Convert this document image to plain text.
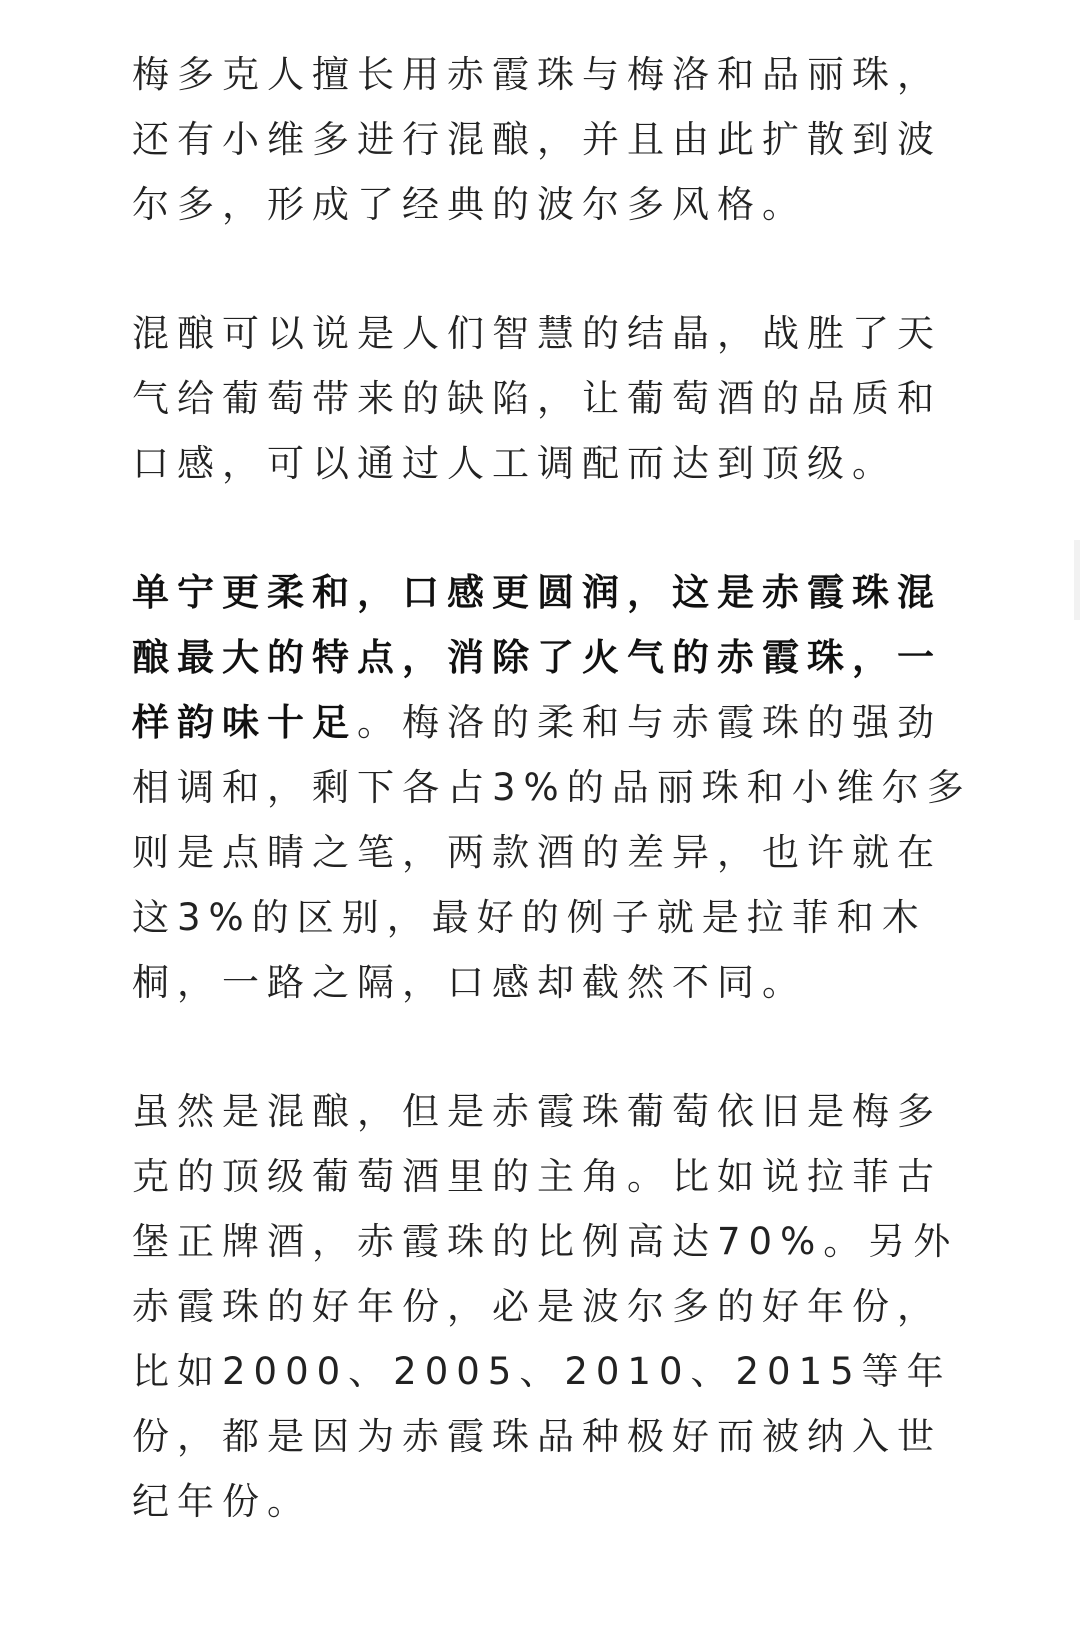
梅多克人擅长用赤霞珠与梅洛和品丽珠，
还有小维多进行混酿，并且由此扩散到波
尔多，形成了经典的波尔多风格。

混酿可以说是人们智慧的结晶，战胜了天
气给葡萄带来的缺陷，让葡萄酒的品质和
口感，可以通过人工调配而达到顶级。

单宁更柔和，口感更圆润，这是赤霞珠混
酿最大的特点，消除了火气的赤霞珠，一
样韵味十足。梅洛的柔和与赤霞珠的强劲
相调和，剩下各占3%的品丽珠和小维尔多
则是点睛之笔，两款酒的差异，也许就在
这3%的区别，最好的例子就是拉菲和木
桐，一路之隔，口感却截然不同。

虽然是混酿，但是赤霞珠葡萄依旧是梅多
克的顶级葡萄酒里的主角。比如说拉菲古
堡正牌酒，赤霞珠的比例高达70%。另外
赤霞珠的好年份，必是波尔多的好年份，
比如2000、2005、2010、2015等年
份，都是因为赤霞珠品种极好而被纳入世
纪年份。
